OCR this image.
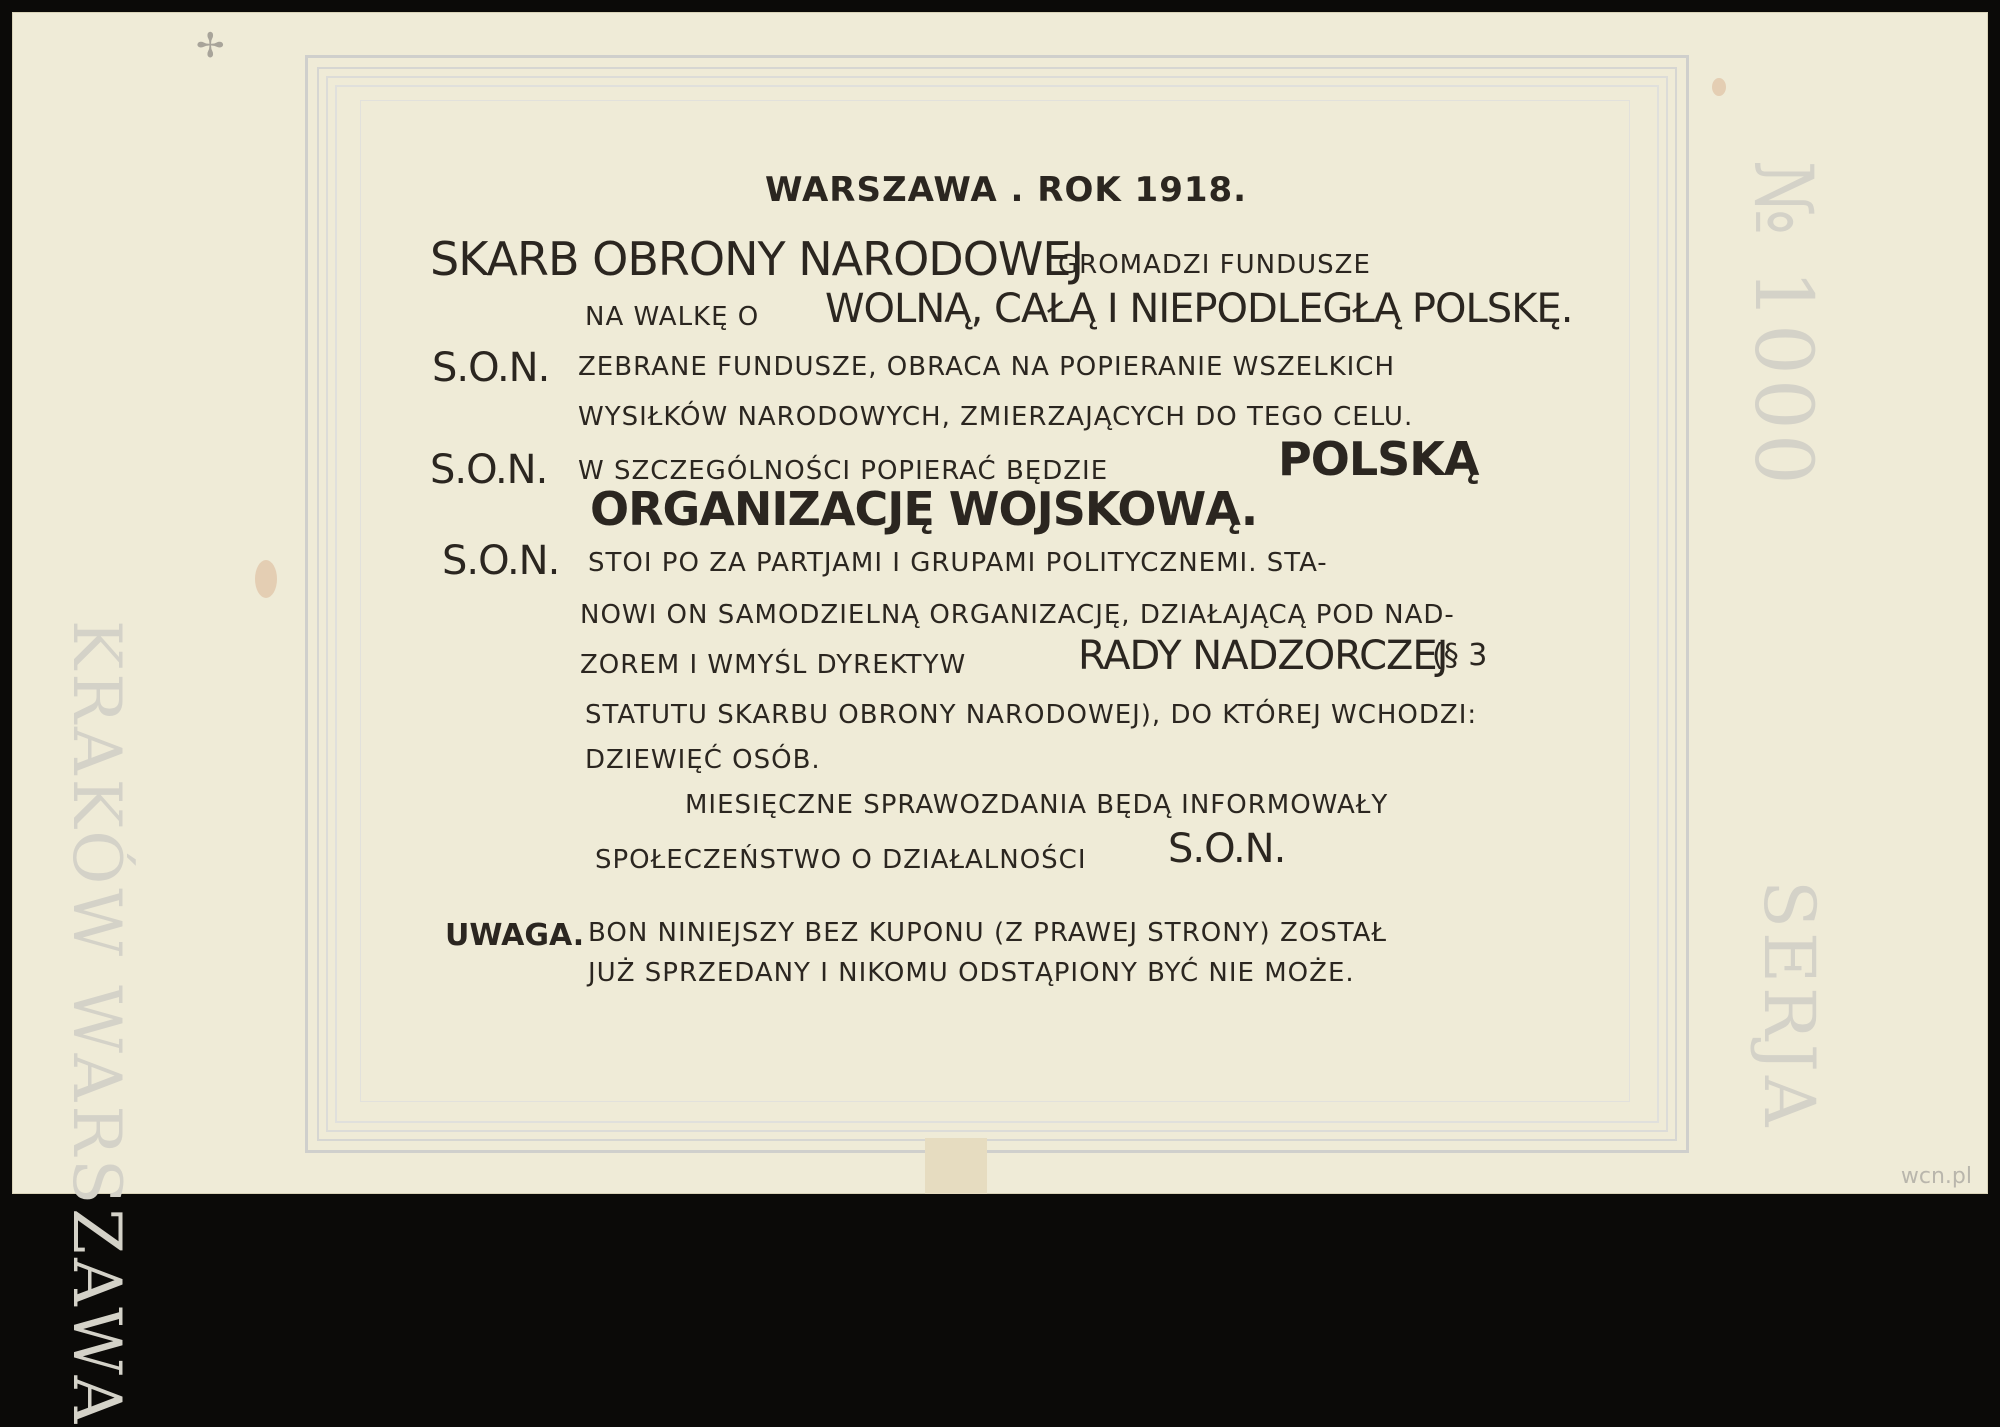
KRAKÓW WARSZAWA
№ 1000
SERJA
✢

WARSZAWA . ROK 1918.

SKARB OBRONY NARODOWEJ

GROMADZI FUNDUSZE

NA WALKĘ O WOLNĄ, CAŁĄ I NIEPODLEGŁĄ POLSKĘ.

S.O.N. ZEBRANE FUNDUSZE, OBRACA NA POPIERANIE WSZELKICH

WYSIŁKÓW NARODOWYCH, ZMIERZAJĄCYCH DO TEGO CELU.

S.O.N. W SZCZEGÓLNOŚCI POPIERAĆ BĘDZIE	POLSKĄ

ORGANIZACJĘ WOJSKOWĄ.

S.O.N. STOI PO ZA PARTJAMI I GRUPAMI POLITYCZNEMI. STA-

NOWI ON SAMODZIELNĄ ORGANIZACJĘ, DZIAŁAJĄCĄ POD NAD-

ZOREM I WMYŚL DYREKTYW	RADY NADZORCZEJ

(§ 3

STATUTU SKARBU OBRONY NARODOWEJ), DO KTÓREJ WCHODZI:

DZIEWIĘĆ OSÓB.

MIESIĘCZNE SPRAWOZDANIA BĘDĄ INFORMOWAŁY

SPOŁECZEŃSTWO O DZIAŁALNOŚCI S.O.N.

UWAGA. BON NINIEJSZY BEZ KUPONU (Z PRAWEJ STRONY) ZOSTAŁ

JUŻ SPRZEDANY I NIKOMU ODSTĄPIONY BYĆ NIE MOŻE.

wcn.pl
